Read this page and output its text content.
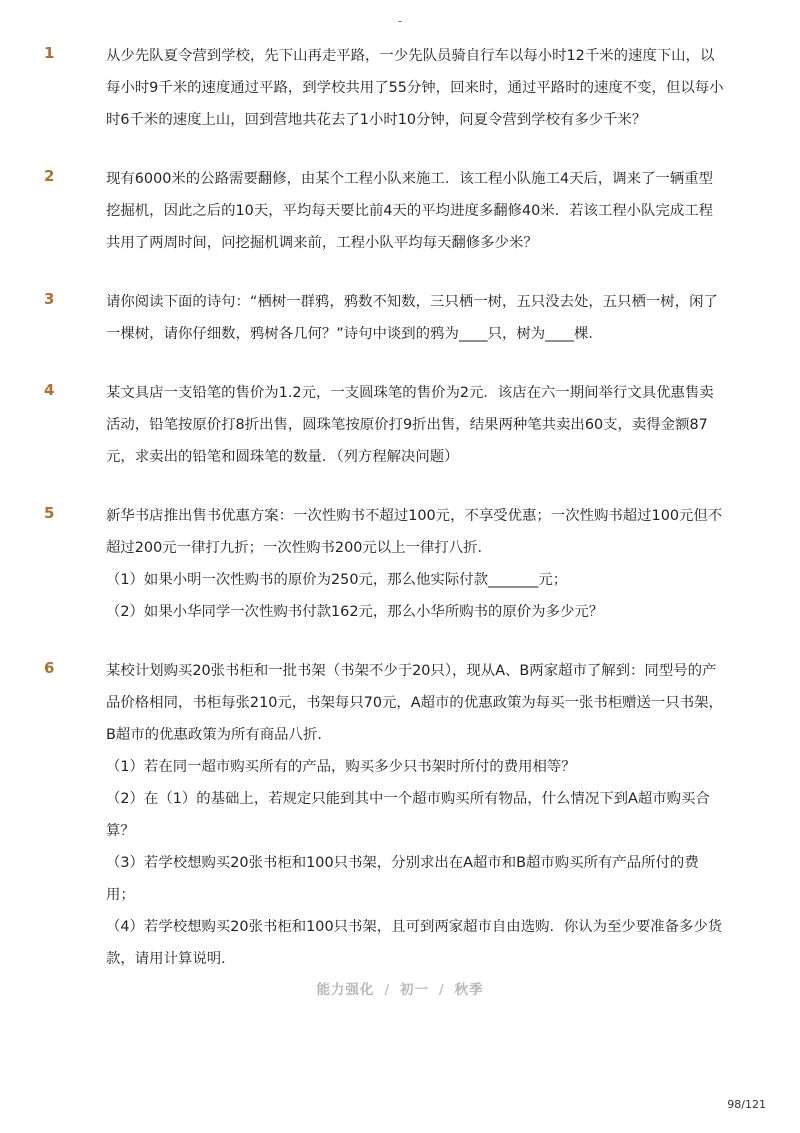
-
1	从少先队夏令营到学校，先下山再走平路，一少先队员骑自行车以每小时12千米的速度下山，以每小时9千米的速度通过平路，到学校共用了55分钟，回来时，通过平路时的速度不变，但以每小时6千米的速度上山，回到营地共花去了1小时10分钟，问夏令营到学校有多少千米？

2	现有6000米的公路需要翻修，由某个工程小队来施工．该工程小队施工4天后，调来了一辆重型挖掘机，因此之后的10天，平均每天要比前4天的平均进度多翻修40米．若该工程小队完成工程共用了两周时间，问挖掘机调来前，工程小队平均每天翻修多少米？

3	请你阅读下面的诗句：“栖树一群鸦，鸦数不知数，三只栖一树，五只没去处，五只栖一树，闲了一棵树，请你仔细数，鸦树各几何？”诗句中谈到的鸦为____只，树为____棵．

4	某文具店一支铅笔的售价为1.2元，一支圆珠笔的售价为2元．该店在六一期间举行文具优惠售卖活动，铅笔按原价打8折出售，圆珠笔按原价打9折出售，结果两种笔共卖出60支，卖得金额87元，求卖出的铅笔和圆珠笔的数量．（列方程解决问题）

5	新华书店推出售书优惠方案：一次性购书不超过100元，不享受优惠；一次性购书超过100元但不超过200元一律打九折；一次性购书200元以上一律打八折．

（1）如果小明一次性购书的原价为250元，那么他实际付款_______元；

（2）如果小华同学一次性购书付款162元，那么小华所购书的原价为多少元？

6	某校计划购买20张书柜和一批书架（书架不少于20只），现从A、B两家超市了解到：同型号的产品价格相同，书柜每张210元，书架每只70元，A超市的优惠政策为每买一张书柜赠送一只书架，B超市的优惠政策为所有商品八折．

（1）若在同一超市购买所有的产品，购买多少只书架时所付的费用相等？

（2）在（1）的基础上，若规定只能到其中一个超市购买所有物品，什么情况下到A超市购买合算？

（3）若学校想购买20张书柜和100只书架，分别求出在A超市和B超市购买所有产品所付的费用；

（4）若学校想购买20张书柜和100只书架，且可到两家超市自由选购．你认为至少要准备多少货款，请用计算说明．

能力强化 / 初一 / 秋季
98/121
